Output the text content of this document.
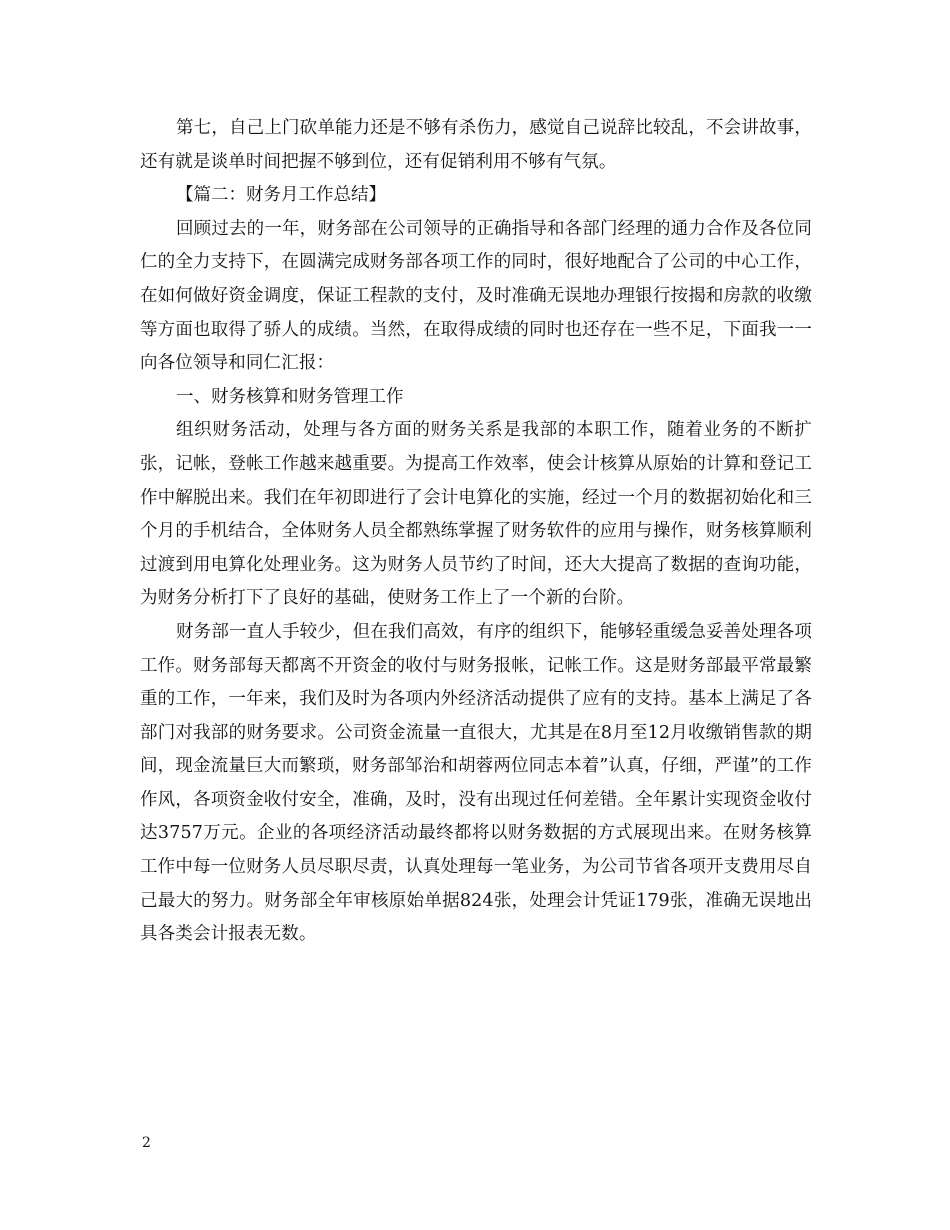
第七，自己上门砍单能力还是不够有杀伤力，感觉自己说辞比较乱，不会讲故事，还有就是谈单时间把握不够到位，还有促销利用不够有气氛。

【篇二：财务月工作总结】

回顾过去的一年，财务部在公司领导的正确指导和各部门经理的通力合作及各位同仁的全力支持下，在圆满完成财务部各项工作的同时，很好地配合了公司的中心工作，在如何做好资金调度，保证工程款的支付，及时准确无误地办理银行按揭和房款的收缴等方面也取得了骄人的成绩。当然，在取得成绩的同时也还存在一些不足，下面我一一向各位领导和同仁汇报：

一、财务核算和财务管理工作

组织财务活动，处理与各方面的财务关系是我部的本职工作，随着业务的不断扩张，记帐，登帐工作越来越重要。为提高工作效率，使会计核算从原始的计算和登记工作中解脱出来。我们在年初即进行了会计电算化的实施，经过一个月的数据初始化和三个月的手机结合，全体财务人员全都熟练掌握了财务软件的应用与操作，财务核算顺利过渡到用电算化处理业务。这为财务人员节约了时间，还大大提高了数据的查询功能，为财务分析打下了良好的基础，使财务工作上了一个新的台阶。

财务部一直人手较少，但在我们高效，有序的组织下，能够轻重缓急妥善处理各项工作。财务部每天都离不开资金的收付与财务报帐，记帐工作。这是财务部最平常最繁重的工作，一年来，我们及时为各项内外经济活动提供了应有的支持。基本上满足了各部门对我部的财务要求。公司资金流量一直很大，尤其是在8月至12月收缴销售款的期间，现金流量巨大而繁琐，财务部邹治和胡蓉两位同志本着”认真，仔细，严谨”的工作作风，各项资金收付安全，准确，及时，没有出现过任何差错。全年累计实现资金收付达3757万元。企业的各项经济活动最终都将以财务数据的方式展现出来。在财务核算工作中每一位财务人员尽职尽责，认真处理每一笔业务，为公司节省各项开支费用尽自己最大的努力。财务部全年审核原始单据824张，处理会计凭证179张，准确无误地出具各类会计报表无数。

2
